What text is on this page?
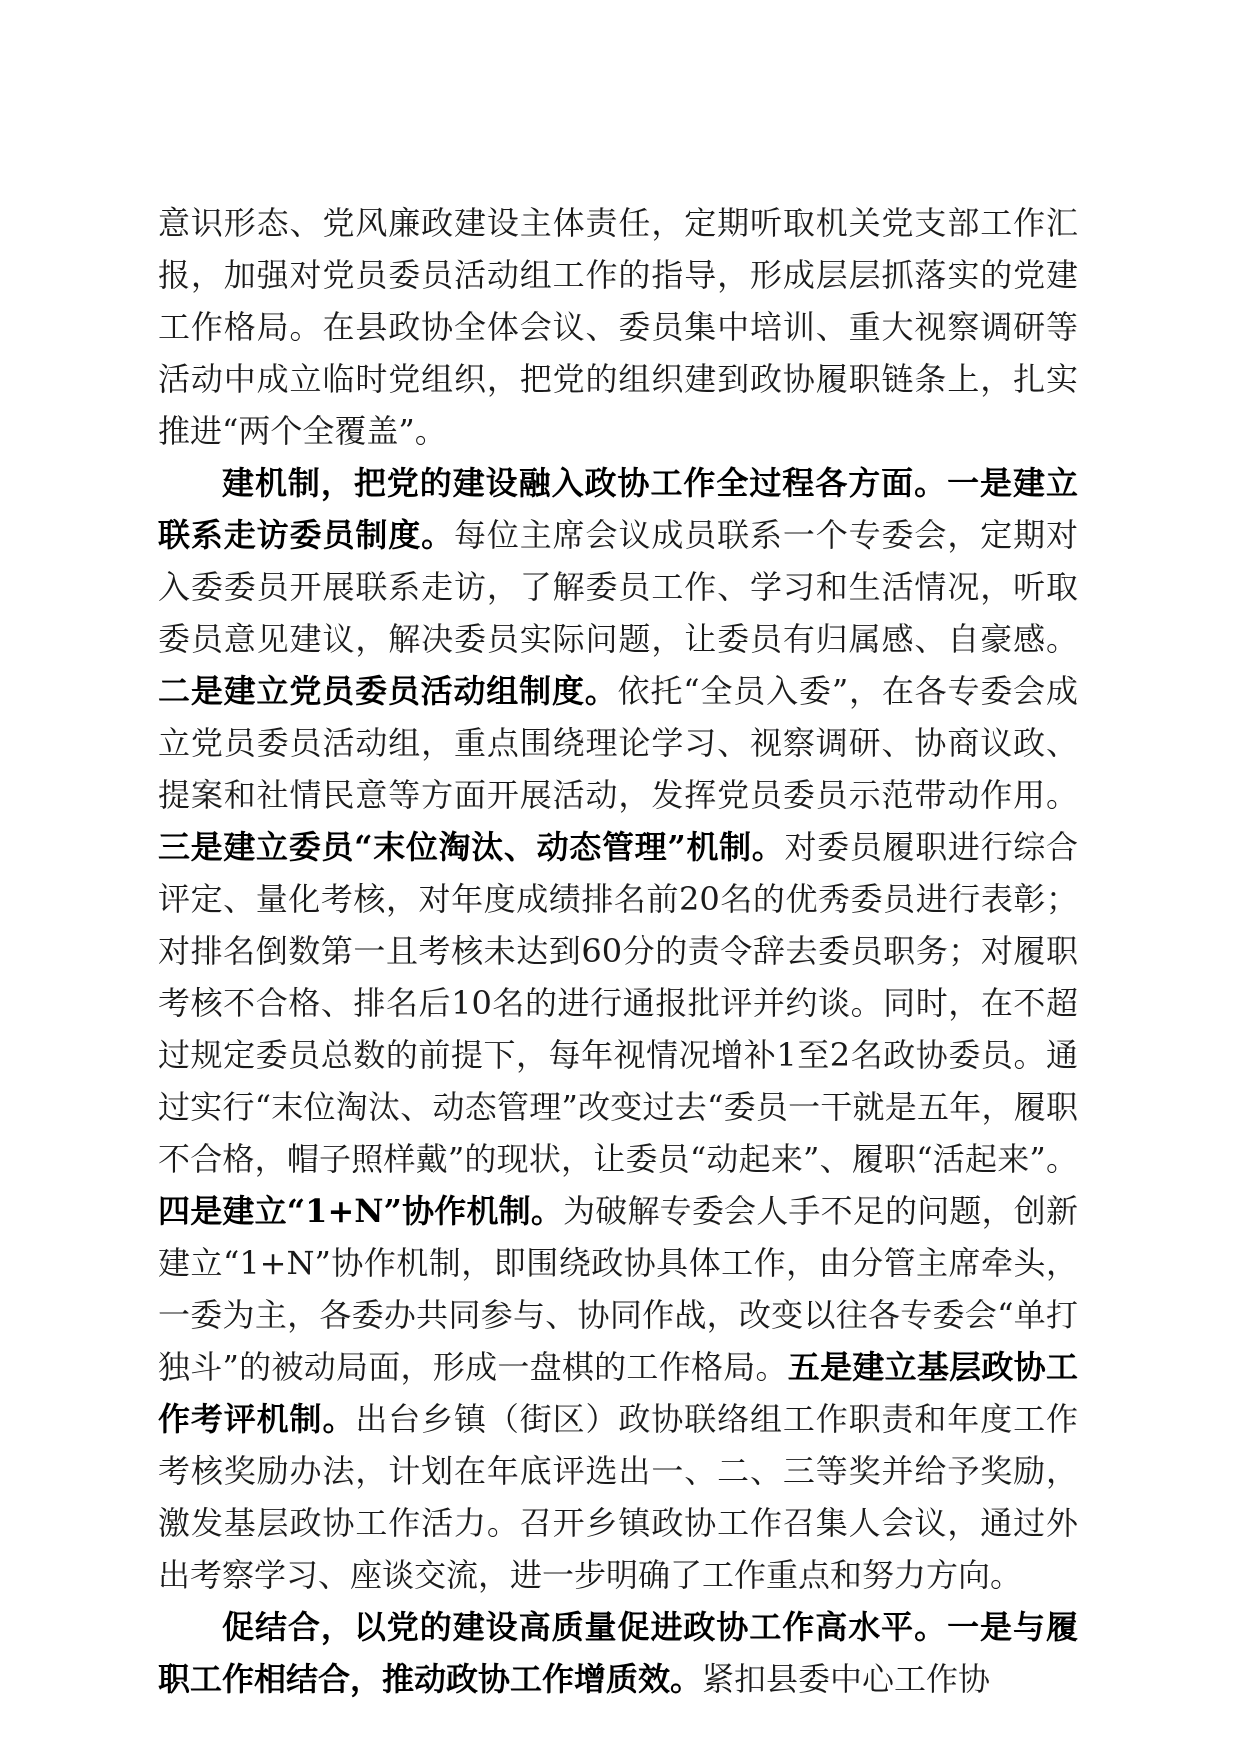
意识形态、党风廉政建设主体责任，定期听取机关党支部工作汇报，加强对党员委员活动组工作的指导，形成层层抓落实的党建工作格局。在县政协全体会议、委员集中培训、重大视察调研等活动中成立临时党组织，把党的组织建到政协履职链条上，扎实推进“两个全覆盖”。

建机制，把党的建设融入政协工作全过程各方面。一是建立联系走访委员制度。每位主席会议成员联系一个专委会，定期对入委委员开展联系走访，了解委员工作、学习和生活情况，听取委员意见建议，解决委员实际问题，让委员有归属感、自豪感。二是建立党员委员活动组制度。依托“全员入委”，在各专委会成立党员委员活动组，重点围绕理论学习、视察调研、协商议政、提案和社情民意等方面开展活动，发挥党员委员示范带动作用。三是建立委员“末位淘汰、动态管理”机制。对委员履职进行综合评定、量化考核，对年度成绩排名前20名的优秀委员进行表彰；对排名倒数第一且考核未达到60分的责令辞去委员职务；对履职考核不合格、排名后10名的进行通报批评并约谈。同时，在不超过规定委员总数的前提下，每年视情况增补1至2名政协委员。通过实行“末位淘汰、动态管理”改变过去“委员一干就是五年，履职不合格，帽子照样戴”的现状，让委员“动起来”、履职“活起来”。四是建立“1+N”协作机制。为破解专委会人手不足的问题，创新建立“1+N”协作机制，即围绕政协具体工作，由分管主席牵头，一委为主，各委办共同参与、协同作战，改变以往各专委会“单打独斗”的被动局面，形成一盘棋的工作格局。五是建立基层政协工作考评机制。出台乡镇（街区）政协联络组工作职责和年度工作考核奖励办法，计划在年底评选出一、二、三等奖并给予奖励，激发基层政协工作活力。召开乡镇政协工作召集人会议，通过外出考察学习、座谈交流，进一步明确了工作重点和努力方向。

促结合，以党的建设高质量促进政协工作高水平。一是与履职工作相结合，推动政协工作增质效。紧扣县委中心工作协
